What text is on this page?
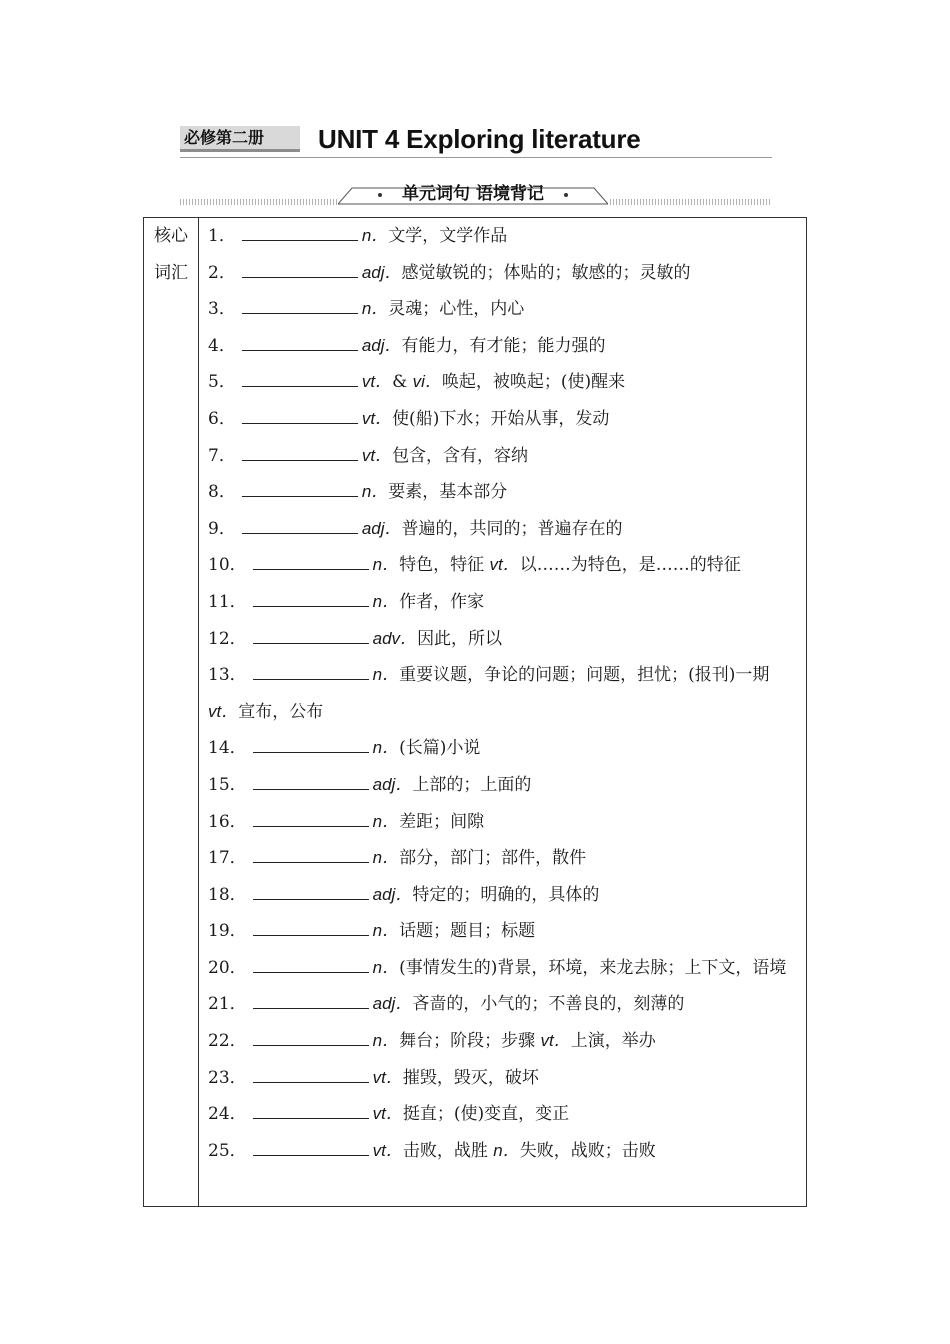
必修第二册	UNIT 4 Exploring literature
单元词句 语境背记
核心
词汇
1．	n．文学，文学作品
2．	adj．感觉敏锐的；体贴的；敏感的；灵敏的
3．	n．灵魂；心性，内心
4．	adj．有能力，有才能；能力强的
5．	vt．& vi．唤起，被唤起；(使)醒来
6．	vt．使(船)下水；开始从事，发动
7．	vt．包含，含有，容纳
8．	n．要素，基本部分
9．	adj．普遍的，共同的；普遍存在的
10．	n．特色，特征 vt．以……为特色，是……的特征
11．	n．作者，作家
12．	adv．因此，所以
13．	n．重要议题，争论的问题；问题，担忧；(报刊)一期 vt．宣布，公布
14．	n．(长篇)小说
15．	adj．上部的；上面的
16．	n．差距；间隙
17．	n．部分，部门；部件，散件
18．	adj．特定的；明确的，具体的
19．	n．话题；题目；标题
20．	n．(事情发生的)背景，环境，来龙去脉；上下文，语境
21．	adj．吝啬的，小气的；不善良的，刻薄的
22．	n．舞台；阶段；步骤 vt．上演，举办
23．	vt．摧毁，毁灭，破坏
24．	vt．挺直；(使)变直，变正
25．	vt．击败，战胜 n．失败，战败；击败
